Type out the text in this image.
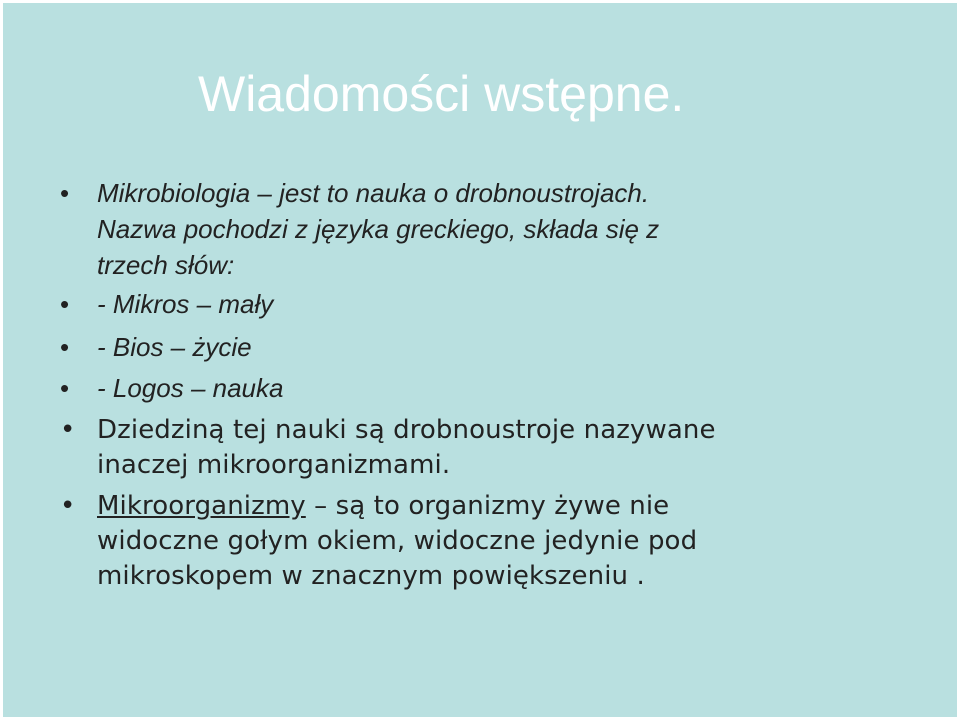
Wiadomości wstępne.
• Mikrobiologia – jest to nauka o drobnoustrojach.
Nazwa pochodzi z języka greckiego, składa się z
trzech słów:
• - Mikros – mały
• - Bios – życie
• - Logos – nauka
• Dziedziną tej nauki są drobnoustroje nazywane
inaczej mikroorganizmami.
• Mikroorganizmy – są to organizmy żywe nie
widoczne gołym okiem, widoczne jedynie pod
mikroskopem w znacznym powiększeniu .
